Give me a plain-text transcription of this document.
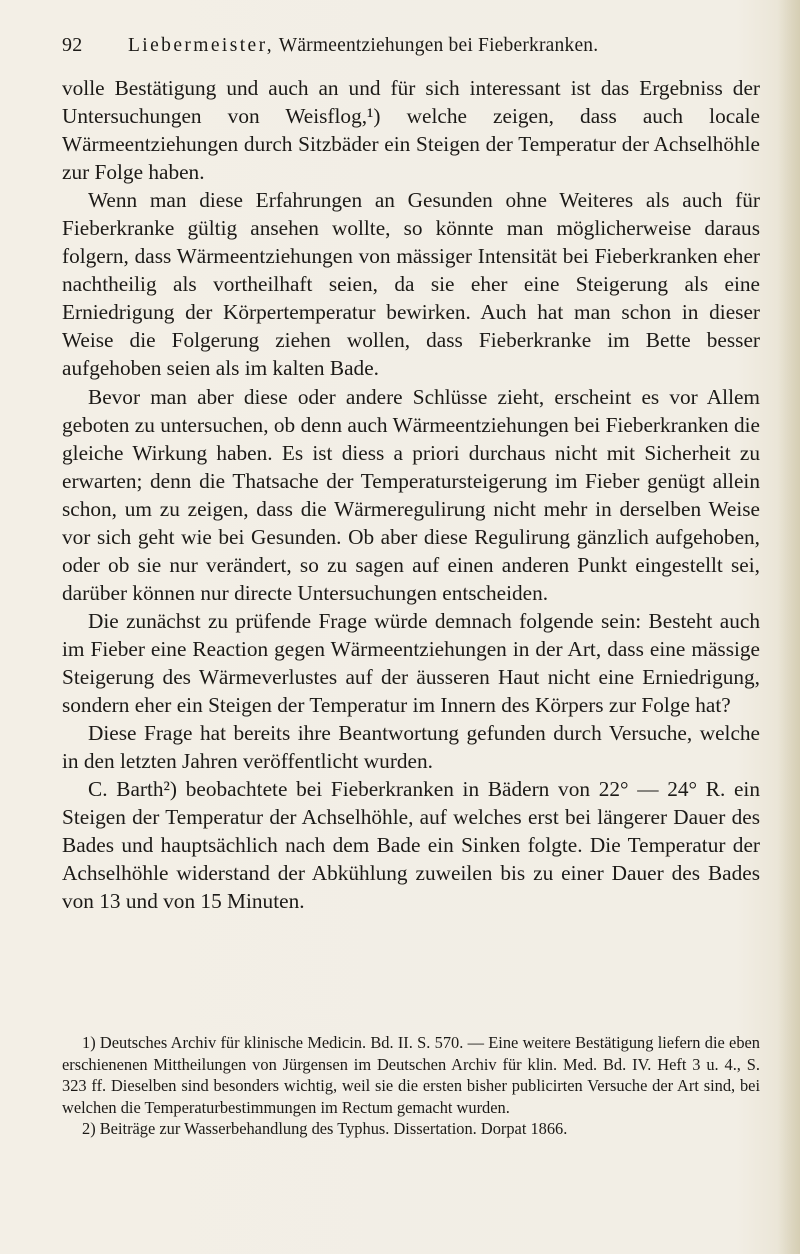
92 Liebermeister, Wärmeentziehungen bei Fieberkranken.

volle Bestätigung und auch an und für sich interessant ist das Ergebniss der Untersuchungen von Weisflog,¹) welche zeigen, dass auch locale Wärmeentziehungen durch Sitzbäder ein Steigen der Temperatur der Achselhöhle zur Folge haben.

Wenn man diese Erfahrungen an Gesunden ohne Weiteres als auch für Fieberkranke gültig ansehen wollte, so könnte man möglicherweise daraus folgern, dass Wärmeentziehungen von mässiger Intensität bei Fieberkranken eher nachtheilig als vortheilhaft seien, da sie eher eine Steigerung als eine Erniedrigung der Körpertemperatur bewirken. Auch hat man schon in dieser Weise die Folgerung ziehen wollen, dass Fieberkranke im Bette besser aufgehoben seien als im kalten Bade.

Bevor man aber diese oder andere Schlüsse zieht, erscheint es vor Allem geboten zu untersuchen, ob denn auch Wärmeentziehungen bei Fieberkranken die gleiche Wirkung haben. Es ist diess a priori durchaus nicht mit Sicherheit zu erwarten; denn die Thatsache der Temperatursteigerung im Fieber genügt allein schon, um zu zeigen, dass die Wärmeregulirung nicht mehr in derselben Weise vor sich geht wie bei Gesunden. Ob aber diese Regulirung gänzlich aufgehoben, oder ob sie nur verändert, so zu sagen auf einen anderen Punkt eingestellt sei, darüber können nur directe Untersuchungen entscheiden.

Die zunächst zu prüfende Frage würde demnach folgende sein: Besteht auch im Fieber eine Reaction gegen Wärmeentziehungen in der Art, dass eine mässige Steigerung des Wärmeverlustes auf der äusseren Haut nicht eine Erniedrigung, sondern eher ein Steigen der Temperatur im Innern des Körpers zur Folge hat?

Diese Frage hat bereits ihre Beantwortung gefunden durch Versuche, welche in den letzten Jahren veröffentlicht wurden.

C. Barth²) beobachtete bei Fieberkranken in Bädern von 22° — 24° R. ein Steigen der Temperatur der Achselhöhle, auf welches erst bei längerer Dauer des Bades und hauptsächlich nach dem Bade ein Sinken folgte. Die Temperatur der Achselhöhle widerstand der Abkühlung zuweilen bis zu einer Dauer des Bades von 13 und von 15 Minuten.

1) Deutsches Archiv für klinische Medicin. Bd. II. S. 570. — Eine weitere Bestätigung liefern die eben erschienenen Mittheilungen von Jürgensen im Deutschen Archiv für klin. Med. Bd. IV. Heft 3 u. 4., S. 323 ff. Dieselben sind besonders wichtig, weil sie die ersten bisher publicirten Versuche der Art sind, bei welchen die Temperaturbestimmungen im Rectum gemacht wurden.

2) Beiträge zur Wasserbehandlung des Typhus. Dissertation. Dorpat 1866.
